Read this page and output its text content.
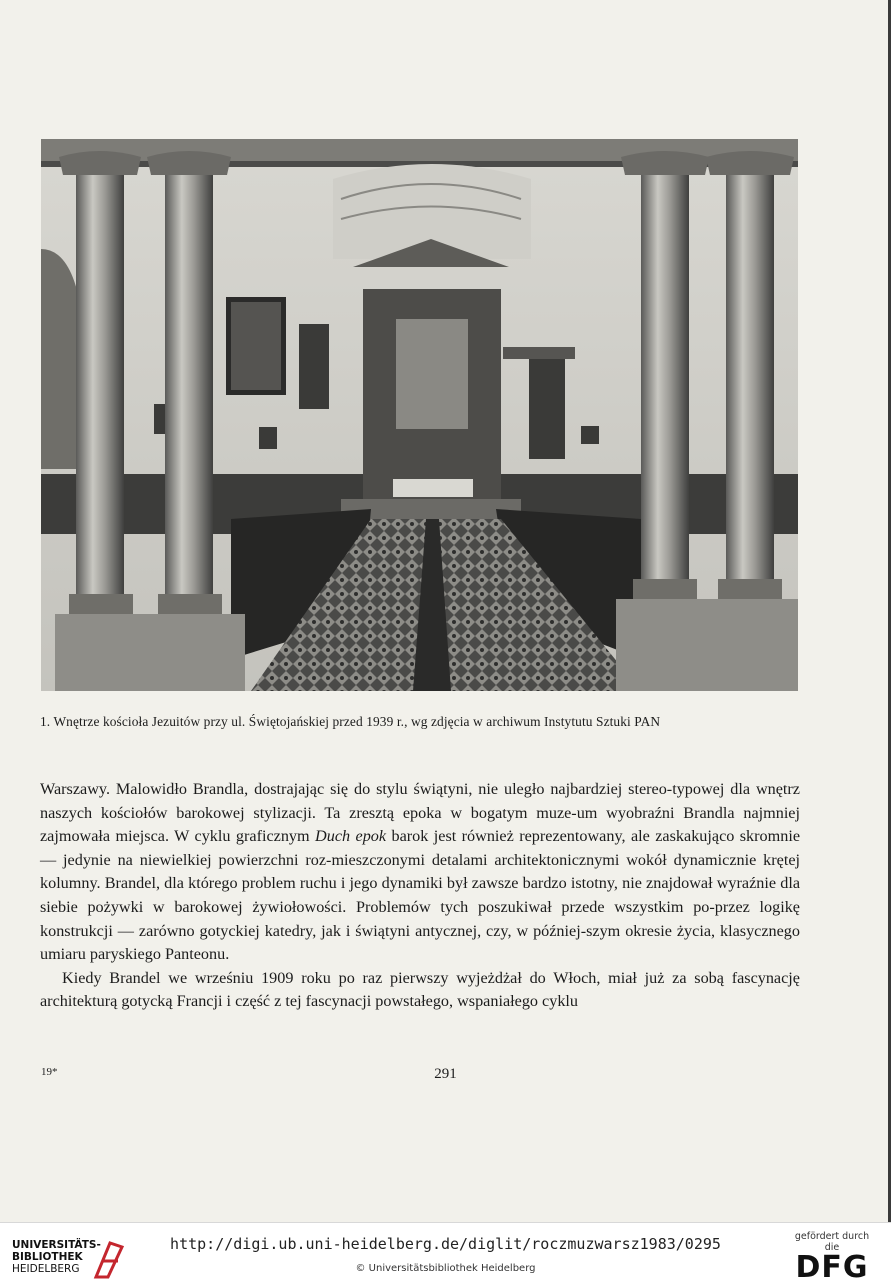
1. Wnętrze kościoła Jezuitów przy ul. Świętojańskiej przed 1939 r., wg zdjęcia w archiwum Instytutu Sztuki PAN

Warszawy. Malowidło Brandla, dostrajając się do stylu świątyni, nie uległo najbardziej stereo-typowej dla wnętrz naszych kościołów barokowej stylizacji. Ta zresztą epoka w bogatym muze-um wyobraźni Brandla najmniej zajmowała miejsca. W cyklu graficznym Duch epok barok jest również reprezentowany, ale zaskakująco skromnie — jedynie na niewielkiej powierzchni roz-mieszczonymi detalami architektonicznymi wokół dynamicznie krętej kolumny. Brandel, dla którego problem ruchu i jego dynamiki był zawsze bardzo istotny, nie znajdował wyraźnie dla siebie pożywki w barokowej żywiołowości. Problemów tych poszukiwał przede wszystkim po-przez logikę konstrukcji — zarówno gotyckiej katedry, jak i świątyni antycznej, czy, w później-szym okresie życia, klasycznego umiaru paryskiego Panteonu.

Kiedy Brandel we wrześniu 1909 roku po raz pierwszy wyjeżdżał do Włoch, miał już za sobą fascynację architekturą gotycką Francji i część z tej fascynacji powstałego, wspaniałego cyklu

19*	291
UNIVERSITÄTS-
BIBLIOTHEK
HEIDELBERG
http://digi.ub.uni-heidelberg.de/diglit/roczmuzwarsz1983/0295
© Universitätsbibliothek Heidelberg
gefördert durch die
DFG
